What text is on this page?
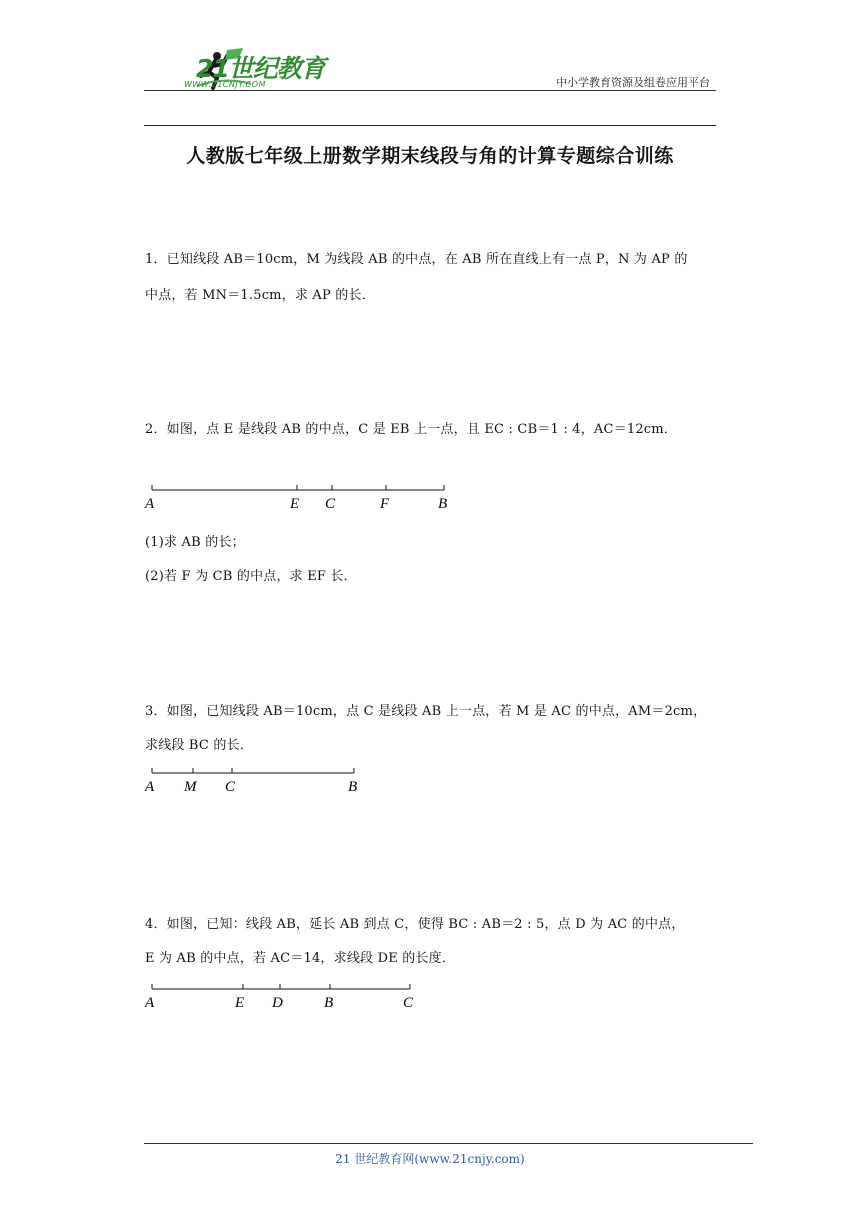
21世纪教育
WWW.21CNJY.COM	中小学教育资源及组卷应用平台
人教版七年级上册数学期末线段与角的计算专题综合训练
1．已知线段 AB＝10cm，M 为线段 AB 的中点，在 AB 所在直线上有一点 P，N 为 AP 的
中点，若 MN＝1.5cm，求 AP 的长．
2．如图，点 E 是线段 AB 的中点，C 是 EB 上一点，且 EC : CB＝1 : 4，AC＝12cm．
A	E C	F	B
(1)求 AB 的长；
(2)若 F 为 CB 的中点，求 EF 长．
3．如图，已知线段 AB＝10cm，点 C 是线段 AB 上一点，若 M 是 AC 的中点，AM＝2cm，
求线段 BC 的长．
A M C	B
4．如图，已知：线段 AB，延长 AB 到点 C，使得 BC : AB＝2 : 5，点 D 为 AC 的中点，
E 为 AB 的中点，若 AC＝14，求线段 DE 的长度．
A	E D	B	C
21 世纪教育网(www.21cnjy.com)
